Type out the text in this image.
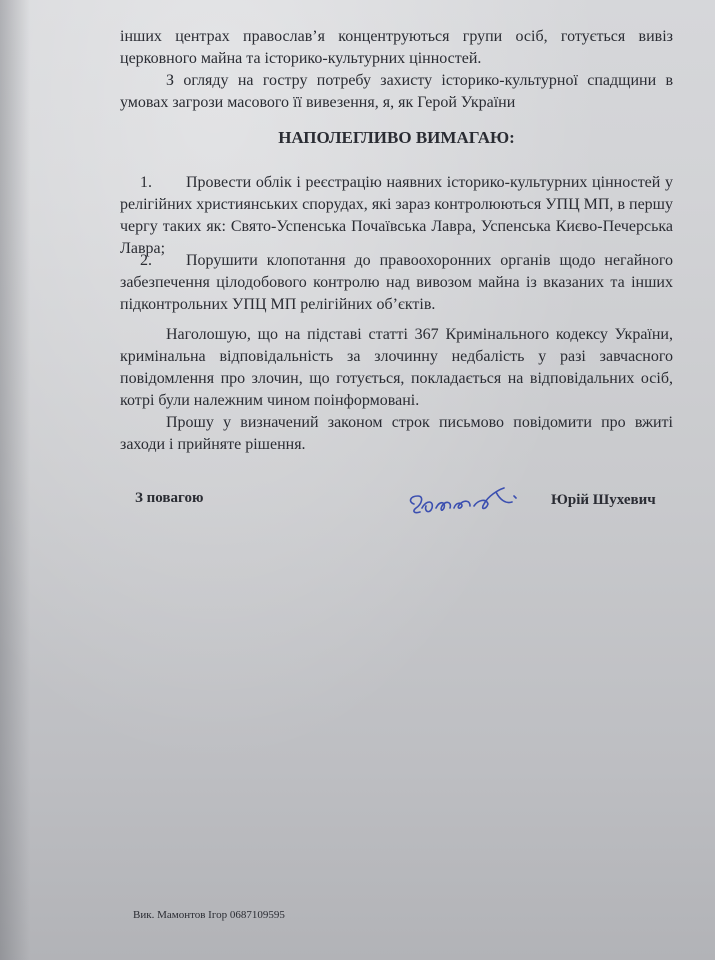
інших центрах православ’я концентруються групи осіб, готується вивіз церковного майна та історико-культурних цінностей.

З огляду на гостру потребу захисту історико-культурної спадщини в умовах загрози масового її вивезення, я, як Герой України

НАПОЛЕГЛИВО ВИМАГАЮ:
1. Провести облік і реєстрацію наявних історико-культурних цінностей у релігійних християнських спорудах, які зараз контролюються УПЦ МП, в першу чергу таких як: Свято-Успенська Почаївська Лавра, Успенська Києво-Печерська Лавра;
2. Порушити клопотання до правоохоронних органів щодо негайного забезпечення цілодобового контролю над вивозом майна із вказаних та інших підконтрольних УПЦ МП релігійних об’єктів.

Наголошую, що на підставі статті 367 Кримінального кодексу України, кримінальна відповідальність за злочинну недбалість у разі завчасного повідомлення про злочин, що готується, покладається на відповідальних осіб, котрі були належним чином поінформовані.

Прошу у визначений законом строк письмово повідомити про вжиті заходи і прийняте рішення.

З повагою	Юрій Шухевич
Вик. Мамонтов Ігор 0687109595
